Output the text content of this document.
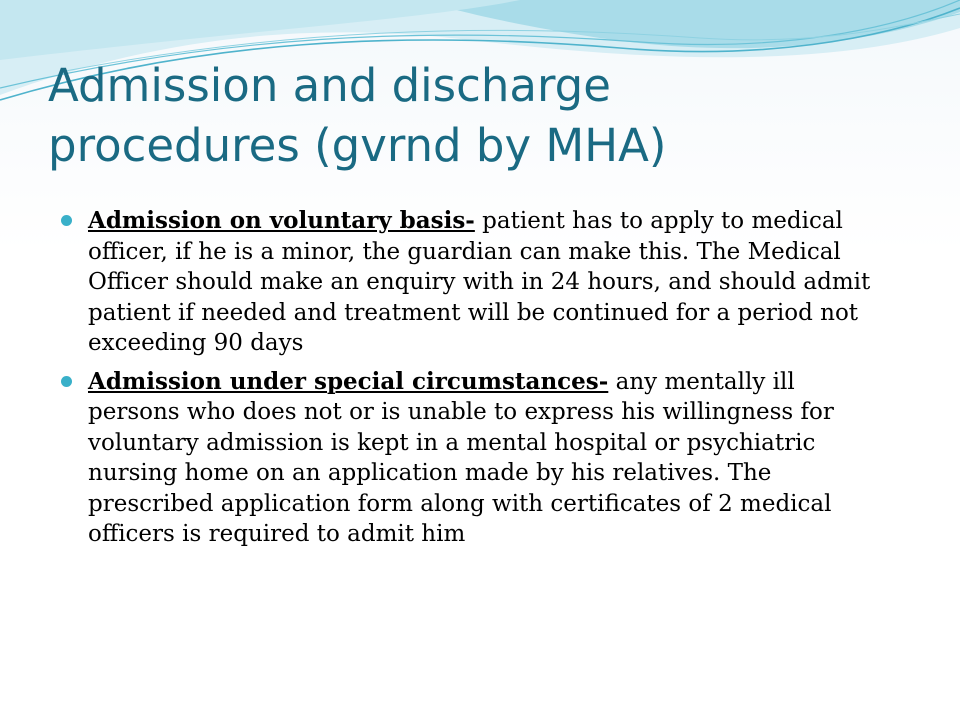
Admission and discharge
procedures (gvrnd by MHA)
Admission on voluntary basis- patient has to apply to medical officer, if he is a minor, the guardian can make this. The Medical Officer should make an enquiry with in 24 hours, and should admit patient if needed and treatment will be continued for a period not exceeding 90 days
Admission under special circumstances- any mentally ill persons who does not or is unable to express his willingness for voluntary admission is kept in a mental hospital or psychiatric nursing home on an application made by his relatives. The prescribed application form along with certificates of 2 medical officers is required to admit him
